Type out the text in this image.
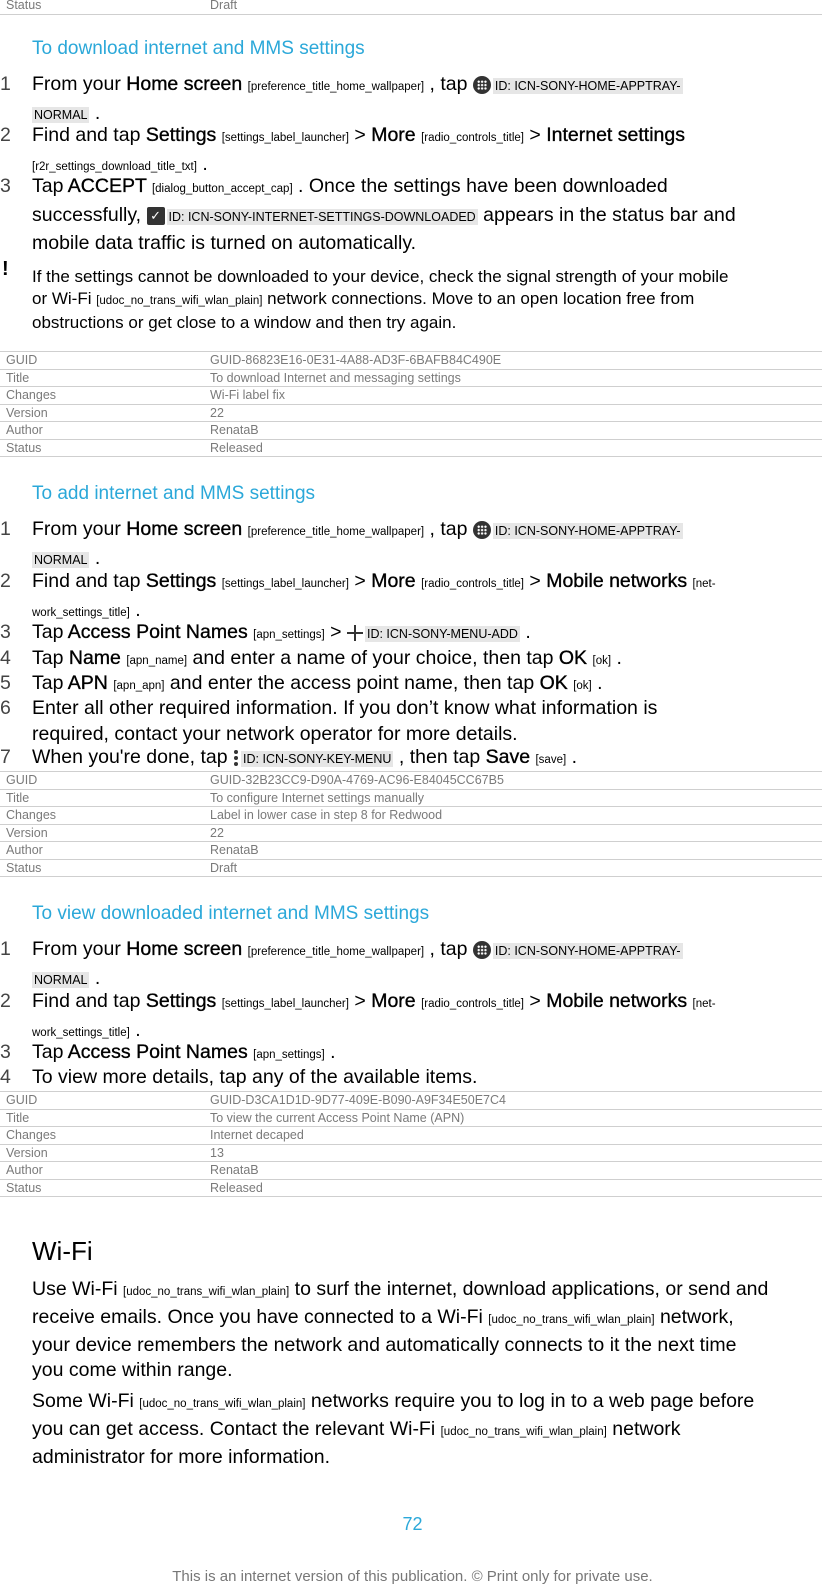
Status	Draft
To download internet and MMS settings
1	From your Home screen [preference_title_home_wallpaper] , tap ID: ICN-SONY-HOME-APPTRAY-
NORMAL .
2	Find and tap Settings [settings_label_launcher] > More [radio_controls_title] > Internet settings
[r2r_settings_download_title_txt] .
3	Tap ACCEPT [dialog_button_accept_cap] . Once the settings have been downloaded
successfully, ✓ ID: ICN-SONY-INTERNET-SETTINGS-DOWNLOADED appears in the status bar and
mobile data traffic is turned on automatically.
! If the settings cannot be downloaded to your device, check the signal strength of your mobile
or Wi-Fi [udoc_no_trans_wifi_wlan_plain] network connections. Move to an open location free from
obstructions or get close to a window and then try again.
GUID	GUID-86823E16-0E31-4A88-AD3F-6BAFB84C490E
Title	To download Internet and messaging settings
Changes	Wi-Fi label fix
Version	22
Author	RenataB
Status	Released
To add internet and MMS settings
1	From your Home screen [preference_title_home_wallpaper] , tap ID: ICN-SONY-HOME-APPTRAY-
NORMAL .
2	Find and tap Settings [settings_label_launcher] > More [radio_controls_title] > Mobile networks [net-
work_settings_title] .
3	Tap Access Point Names [apn_settings] > ID: ICN-SONY-MENU-ADD .
4	Tap Name [apn_name] and enter a name of your choice, then tap OK [ok] .
5	Tap APN [apn_apn] and enter the access point name, then tap OK [ok] .
6	Enter all other required information. If you don’t know what information is
required, contact your network operator for more details.
7	When you're done, tap
ID: ICN-SONY-KEY-MENU , then tap Save [save] .
GUID	GUID-32B23CC9-D90A-4769-AC96-E84045CC67B5
Title	To configure Internet settings manually
Changes	Label in lower case in step 8 for Redwood
Version	22
Author	RenataB
Status	Draft
To view downloaded internet and MMS settings
1	From your Home screen [preference_title_home_wallpaper] , tap ID: ICN-SONY-HOME-APPTRAY-
NORMAL .
2	Find and tap Settings [settings_label_launcher] > More [radio_controls_title] > Mobile networks [net-
work_settings_title] .
3	Tap Access Point Names [apn_settings] .
4	To view more details, tap any of the available items.
GUID	GUID-D3CA1D1D-9D77-409E-B090-A9F34E50E7C4
Title	To view the current Access Point Name (APN)
Changes	Internet decaped
Version	13
Author	RenataB
Status	Released
Wi-Fi
Use Wi-Fi [udoc_no_trans_wifi_wlan_plain] to surf the internet, download applications, or send and
receive emails. Once you have connected to a Wi-Fi [udoc_no_trans_wifi_wlan_plain] network,
your device remembers the network and automatically connects to it the next time
you come within range.
Some Wi-Fi [udoc_no_trans_wifi_wlan_plain] networks require you to log in to a web page before
you can get access. Contact the relevant Wi-Fi [udoc_no_trans_wifi_wlan_plain] network
administrator for more information.
72
This is an internet version of this publication. © Print only for private use.
